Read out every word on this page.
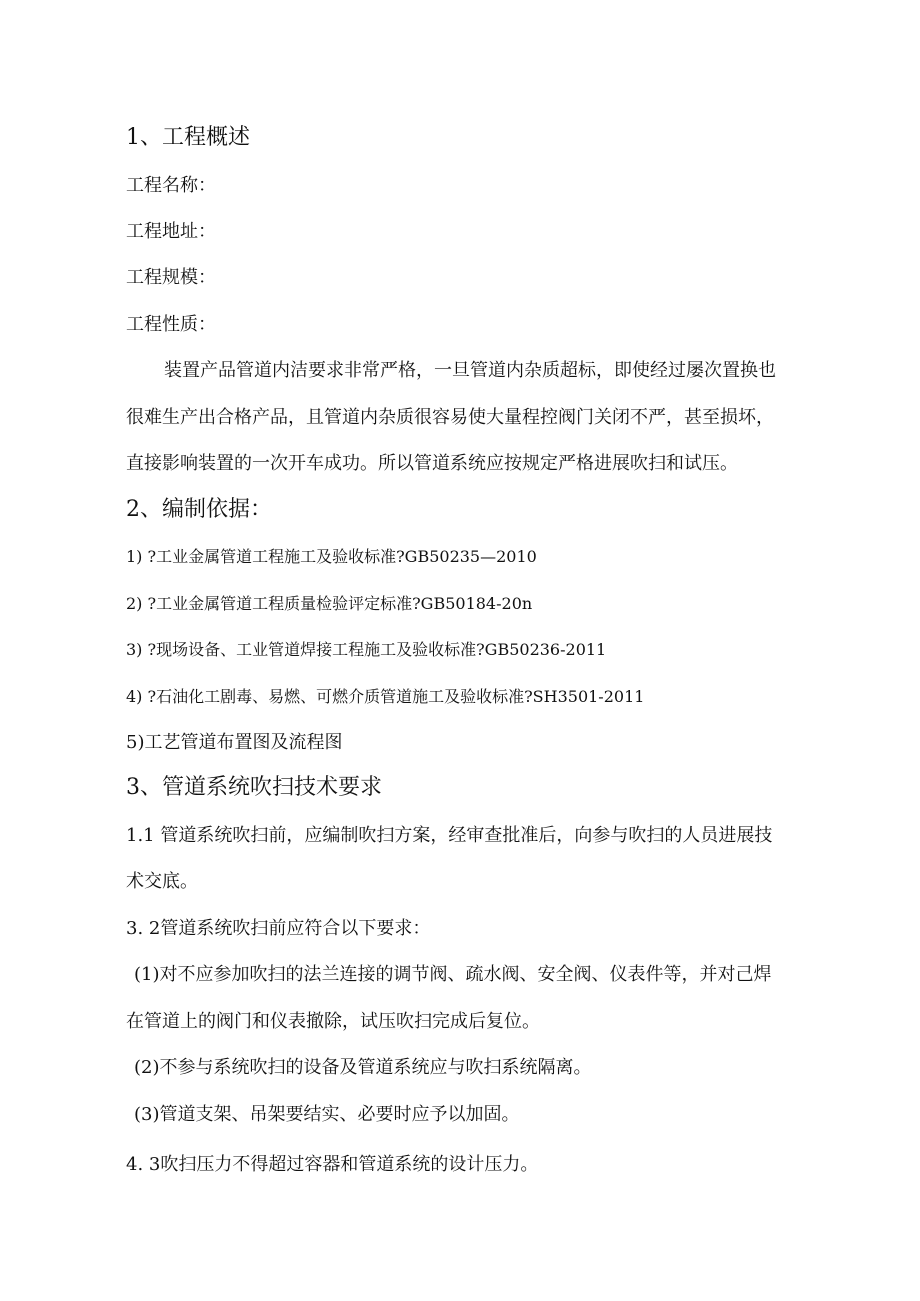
1、工程概述
工程名称：
工程地址：
工程规模：
工程性质：
装置产品管道内洁要求非常严格，一旦管道内杂质超标，即使经过屡次置换也
很难生产出合格产品，且管道内杂质很容易使大量程控阀门关闭不严，甚至损坏，
直接影响装置的一次开车成功。所以管道系统应按规定严格进展吹扫和试压。
2、编制依据：
1) ?工业金属管道工程施工及验收标准?GB50235—2010
2) ?工业金属管道工程质量检验评定标准?GB50184-20n
3) ?现场设备、工业管道焊接工程施工及验收标准?GB50236-2011
4) ?石油化工剧毒、易燃、可燃介质管道施工及验收标准?SH3501-2011
5)工艺管道布置图及流程图
3、管道系统吹扫技术要求
1.1 管道系统吹扫前，应编制吹扫方案，经审查批准后，向参与吹扫的人员进展技
术交底。
3. 2管道系统吹扫前应符合以下要求：
(1)对不应参加吹扫的法兰连接的调节阀、疏水阀、安全阀、仪表件等，并对己焊
在管道上的阀门和仪表撤除，试压吹扫完成后复位。
(2)不参与系统吹扫的设备及管道系统应与吹扫系统隔离。
(3)管道支架、吊架要结实、必要时应予以加固。
4. 3吹扫压力不得超过容器和管道系统的设计压力。
